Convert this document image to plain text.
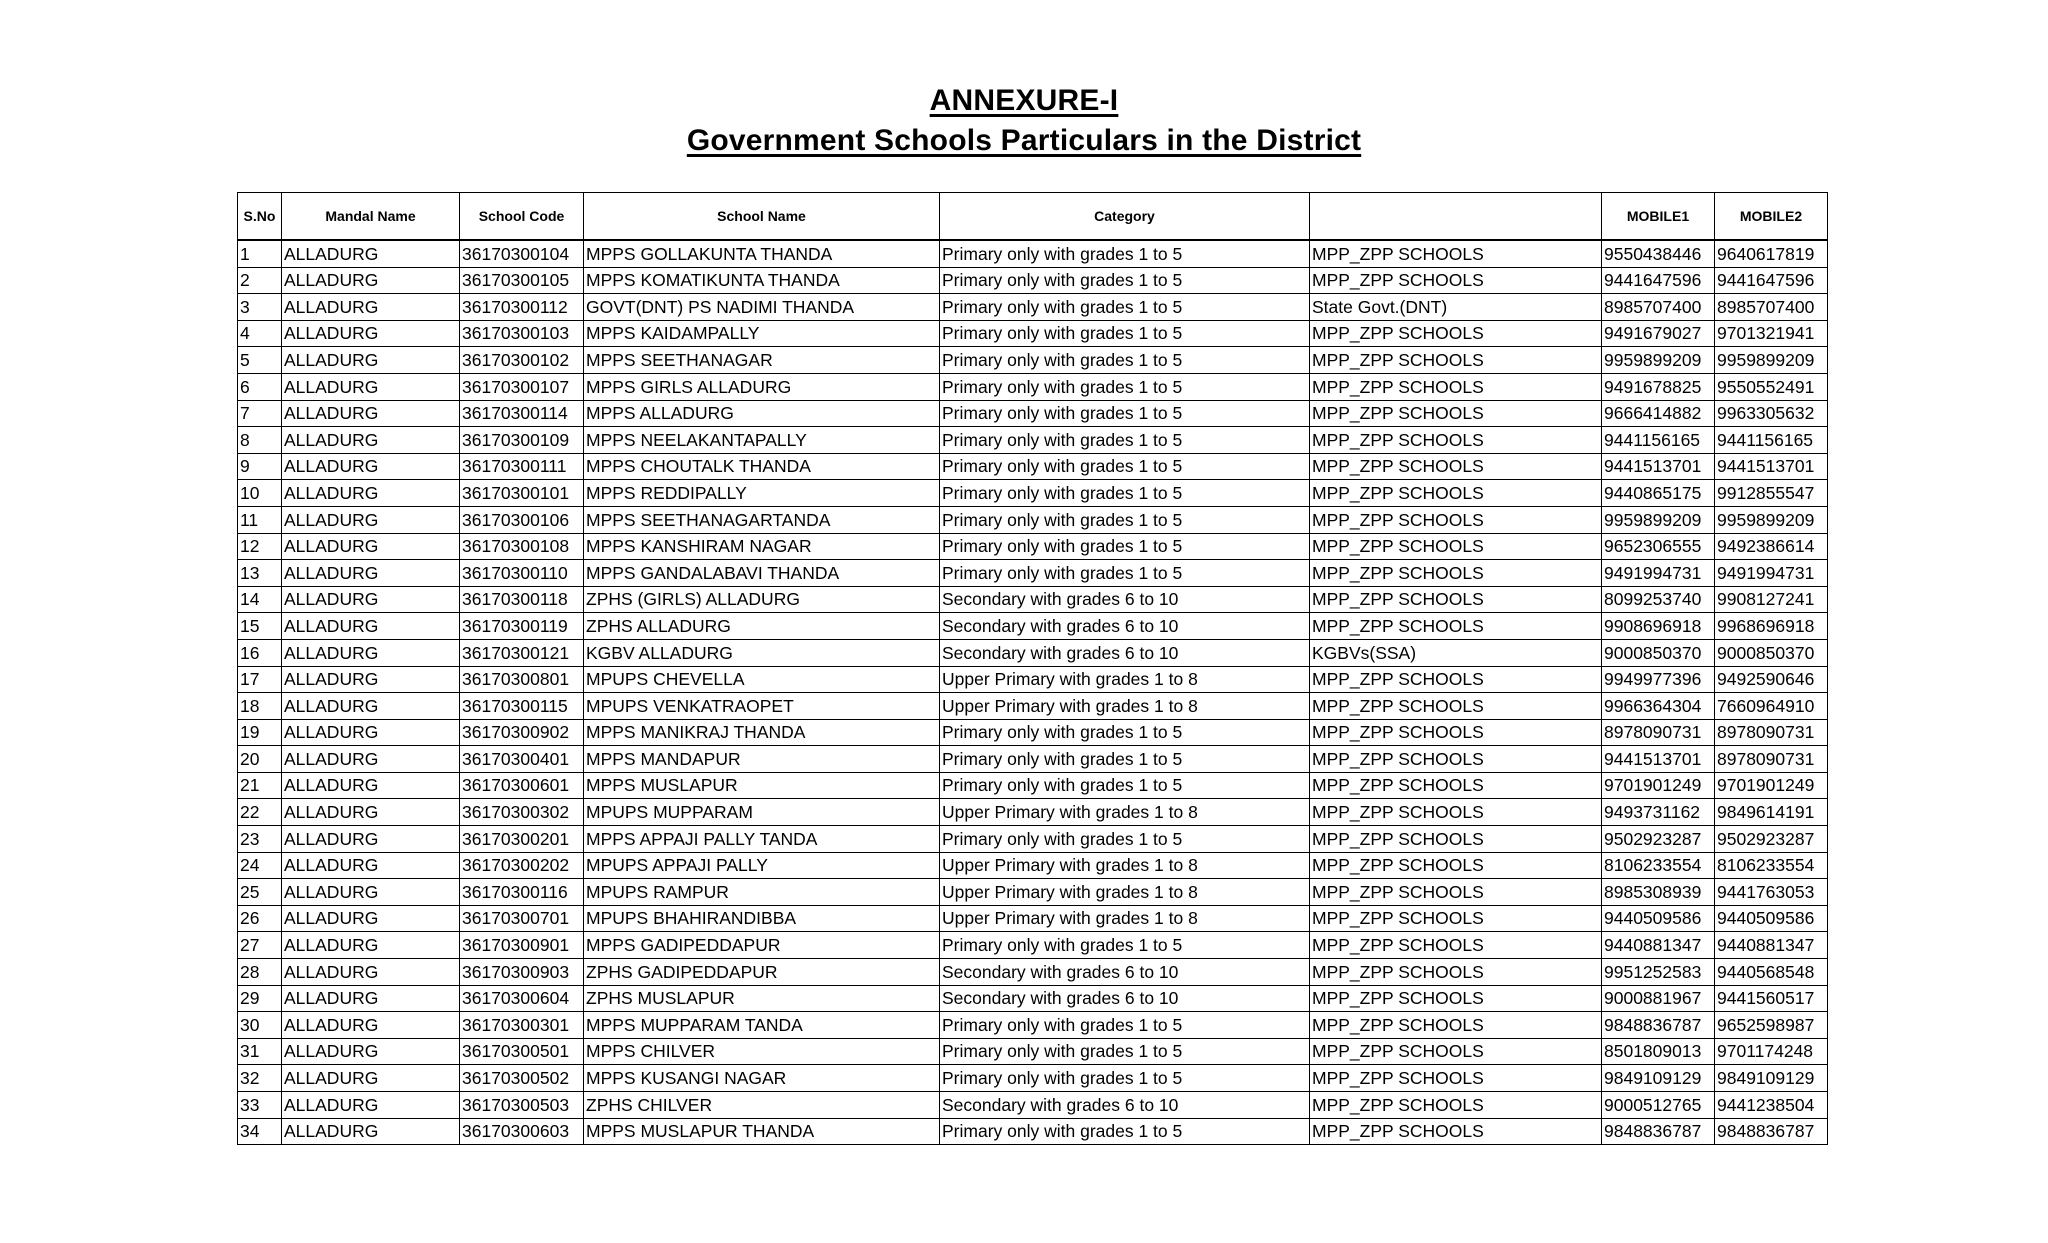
ANNEXURE-I
Government Schools Particulars in the District
S.No	Mandal Name	School Code	School Name	Category		MOBILE1	MOBILE2
1	ALLADURG	36170300104	MPPS GOLLAKUNTA THANDA	Primary only with grades 1 to 5	MPP_ZPP SCHOOLS	9550438446	9640617819
2	ALLADURG	36170300105	MPPS KOMATIKUNTA THANDA	Primary only with grades 1 to 5	MPP_ZPP SCHOOLS	9441647596	9441647596
3	ALLADURG	36170300112	GOVT(DNT) PS NADIMI THANDA	Primary only with grades 1 to 5	State Govt.(DNT)	8985707400	8985707400
4	ALLADURG	36170300103	MPPS KAIDAMPALLY	Primary only with grades 1 to 5	MPP_ZPP SCHOOLS	9491679027	9701321941
5	ALLADURG	36170300102	MPPS SEETHANAGAR	Primary only with grades 1 to 5	MPP_ZPP SCHOOLS	9959899209	9959899209
6	ALLADURG	36170300107	MPPS GIRLS ALLADURG	Primary only with grades 1 to 5	MPP_ZPP SCHOOLS	9491678825	9550552491
7	ALLADURG	36170300114	MPPS ALLADURG	Primary only with grades 1 to 5	MPP_ZPP SCHOOLS	9666414882	9963305632
8	ALLADURG	36170300109	MPPS NEELAKANTAPALLY	Primary only with grades 1 to 5	MPP_ZPP SCHOOLS	9441156165	9441156165
9	ALLADURG	36170300111	MPPS CHOUTALK THANDA	Primary only with grades 1 to 5	MPP_ZPP SCHOOLS	9441513701	9441513701
10	ALLADURG	36170300101	MPPS REDDIPALLY	Primary only with grades 1 to 5	MPP_ZPP SCHOOLS	9440865175	9912855547
11	ALLADURG	36170300106	MPPS SEETHANAGARTANDA	Primary only with grades 1 to 5	MPP_ZPP SCHOOLS	9959899209	9959899209
12	ALLADURG	36170300108	MPPS KANSHIRAM NAGAR	Primary only with grades 1 to 5	MPP_ZPP SCHOOLS	9652306555	9492386614
13	ALLADURG	36170300110	MPPS GANDALABAVI THANDA	Primary only with grades 1 to 5	MPP_ZPP SCHOOLS	9491994731	9491994731
14	ALLADURG	36170300118	ZPHS (GIRLS) ALLADURG	Secondary with grades 6 to 10	MPP_ZPP SCHOOLS	8099253740	9908127241
15	ALLADURG	36170300119	ZPHS ALLADURG	Secondary with grades 6 to 10	MPP_ZPP SCHOOLS	9908696918	9968696918
16	ALLADURG	36170300121	KGBV ALLADURG	Secondary with grades 6 to 10	KGBVs(SSA)	9000850370	9000850370
17	ALLADURG	36170300801	MPUPS CHEVELLA	Upper Primary with grades 1 to 8	MPP_ZPP SCHOOLS	9949977396	9492590646
18	ALLADURG	36170300115	MPUPS VENKATRAOPET	Upper Primary with grades 1 to 8	MPP_ZPP SCHOOLS	9966364304	7660964910
19	ALLADURG	36170300902	MPPS MANIKRAJ THANDA	Primary only with grades 1 to 5	MPP_ZPP SCHOOLS	8978090731	8978090731
20	ALLADURG	36170300401	MPPS MANDAPUR	Primary only with grades 1 to 5	MPP_ZPP SCHOOLS	9441513701	8978090731
21	ALLADURG	36170300601	MPPS MUSLAPUR	Primary only with grades 1 to 5	MPP_ZPP SCHOOLS	9701901249	9701901249
22	ALLADURG	36170300302	MPUPS MUPPARAM	Upper Primary with grades 1 to 8	MPP_ZPP SCHOOLS	9493731162	9849614191
23	ALLADURG	36170300201	MPPS APPAJI PALLY TANDA	Primary only with grades 1 to 5	MPP_ZPP SCHOOLS	9502923287	9502923287
24	ALLADURG	36170300202	MPUPS APPAJI PALLY	Upper Primary with grades 1 to 8	MPP_ZPP SCHOOLS	8106233554	8106233554
25	ALLADURG	36170300116	MPUPS RAMPUR	Upper Primary with grades 1 to 8	MPP_ZPP SCHOOLS	8985308939	9441763053
26	ALLADURG	36170300701	MPUPS BHAHIRANDIBBA	Upper Primary with grades 1 to 8	MPP_ZPP SCHOOLS	9440509586	9440509586
27	ALLADURG	36170300901	MPPS GADIPEDDAPUR	Primary only with grades 1 to 5	MPP_ZPP SCHOOLS	9440881347	9440881347
28	ALLADURG	36170300903	ZPHS GADIPEDDAPUR	Secondary with grades 6 to 10	MPP_ZPP SCHOOLS	9951252583	9440568548
29	ALLADURG	36170300604	ZPHS MUSLAPUR	Secondary with grades 6 to 10	MPP_ZPP SCHOOLS	9000881967	9441560517
30	ALLADURG	36170300301	MPPS MUPPARAM TANDA	Primary only with grades 1 to 5	MPP_ZPP SCHOOLS	9848836787	9652598987
31	ALLADURG	36170300501	MPPS CHILVER	Primary only with grades 1 to 5	MPP_ZPP SCHOOLS	8501809013	9701174248
32	ALLADURG	36170300502	MPPS KUSANGI NAGAR	Primary only with grades 1 to 5	MPP_ZPP SCHOOLS	9849109129	9849109129
33	ALLADURG	36170300503	ZPHS CHILVER	Secondary with grades 6 to 10	MPP_ZPP SCHOOLS	9000512765	9441238504
34	ALLADURG	36170300603	MPPS MUSLAPUR THANDA	Primary only with grades 1 to 5	MPP_ZPP SCHOOLS	9848836787	9848836787
